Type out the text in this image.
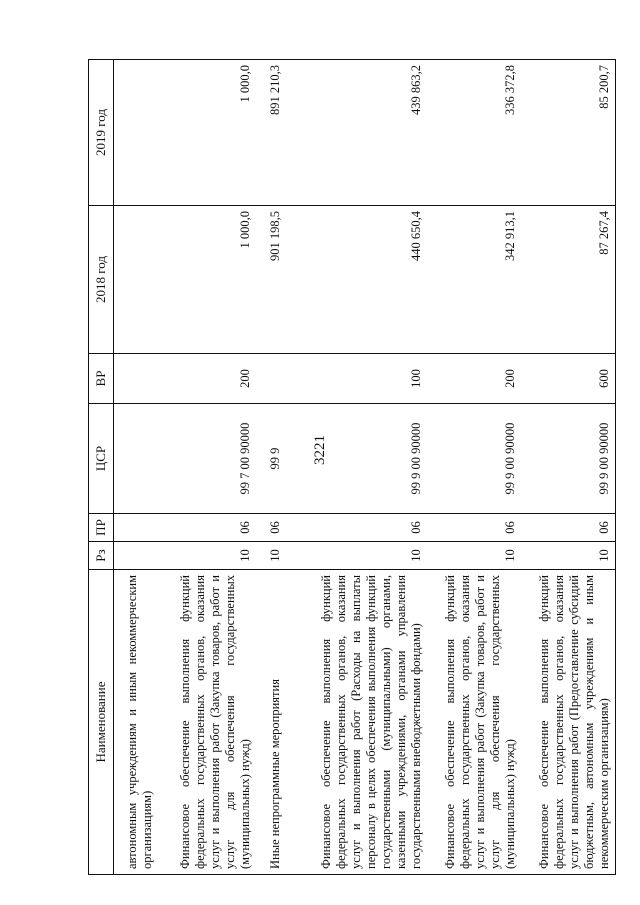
3221
Наименование	Рз	ПР	ЦСР	ВР	2018 год	2019 год
автономным учреждениям и иным некоммерческим организациям)						
Финансовое обеспечение выполнения функций федеральных государственных органов, оказания услуг и выполнения работ (Закупка товаров, работ и услуг для обеспечения государственных (муниципальных) нужд)	10	06	99 7 00 90000	200	1 000,0	1 000,0
Иные непрограммные мероприятия	10	06	99 9		901 198,5	891 210,3
Финансовое обеспечение выполнения функций федеральных государственных органов, оказания услуг и выполнения работ (Расходы на выплаты персоналу в целях обеспечения выполнения функций государственными (муниципальными) органами, казенными учреждениями, органами управления государственными внебюджетными фондами)	10	06	99 9 00 90000	100	440 650,4	439 863,2
Финансовое обеспечение выполнения функций федеральных государственных органов, оказания услуг и выполнения работ (Закупка товаров, работ и услуг для обеспечения государственных (муниципальных) нужд)	10	06	99 9 00 90000	200	342 913,1	336 372,8
Финансовое обеспечение выполнения функций федеральных государственных органов, оказания услуг и выполнения работ (Предоставление субсидий бюджетным, автономным учреждениям и иным некоммерческим организациям)	10	06	99 9 00 90000	600	87 267,4	85 200,7
